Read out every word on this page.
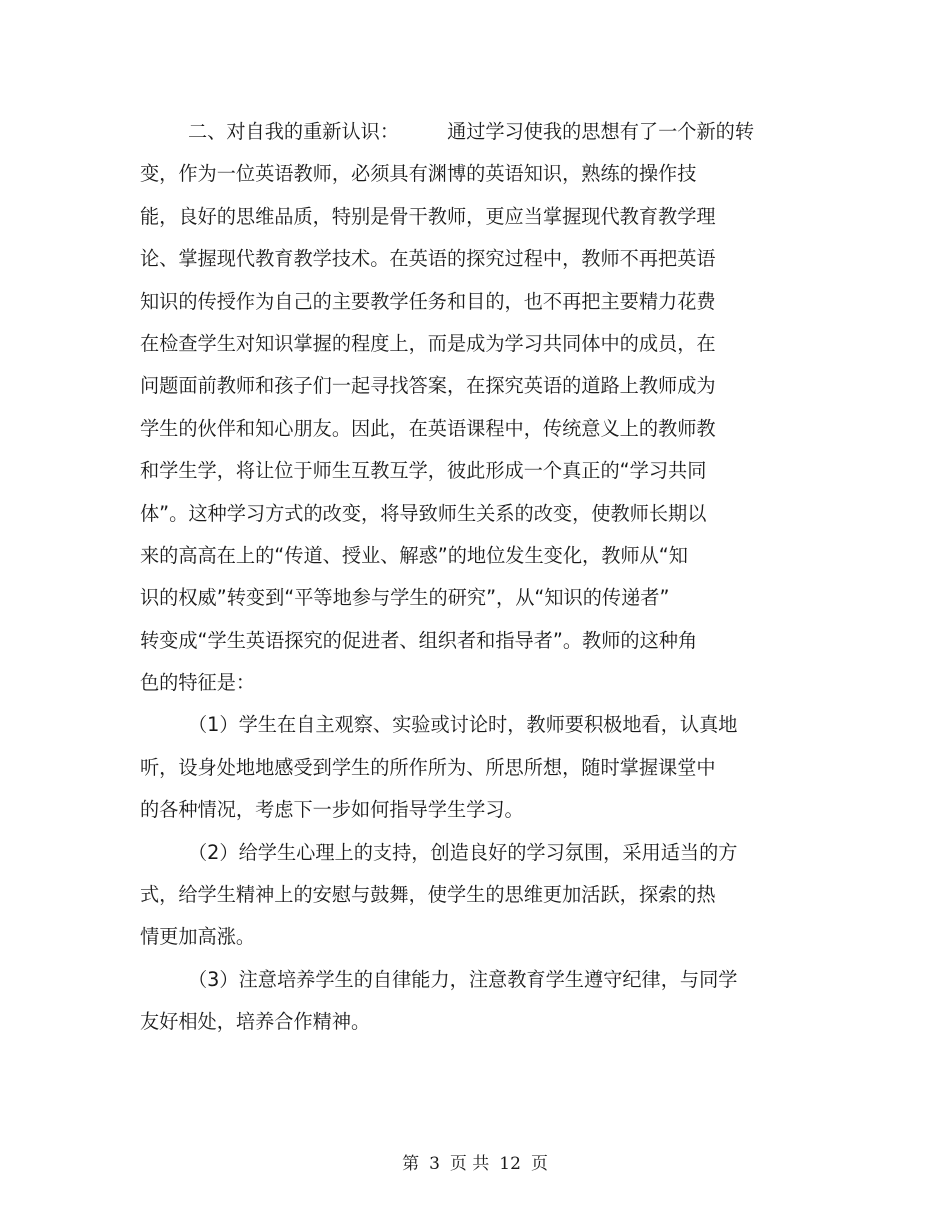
二、对自我的重新认识：	通过学习使我的思想有了一个新的转
变，作为一位英语教师，必须具有渊博的英语知识，熟练的操作技
能，良好的思维品质，特别是骨干教师，更应当掌握现代教育教学理
论、掌握现代教育教学技术。在英语的探究过程中，教师不再把英语
知识的传授作为自己的主要教学任务和目的，也不再把主要精力花费
在检查学生对知识掌握的程度上，而是成为学习共同体中的成员，在
问题面前教师和孩子们一起寻找答案，在探究英语的道路上教师成为
学生的伙伴和知心朋友。因此，在英语课程中，传统意义上的教师教
和学生学，将让位于师生互教互学，彼此形成一个真正的“学习共同
体”。这种学习方式的改变，将导致师生关系的改变，使教师长期以
来的高高在上的“传道、授业、解惑”的地位发生变化，教师从“知
识的权威”转变到“平等地参与学生的研究”，从“知识的传递者”
转变成“学生英语探究的促进者、组织者和指导者”。教师的这种角
色的特征是：
（1）学生在自主观察、实验或讨论时，教师要积极地看，认真地
听，设身处地地感受到学生的所作所为、所思所想，随时掌握课堂中
的各种情况，考虑下一步如何指导学生学习。
（2）给学生心理上的支持，创造良好的学习氛围，采用适当的方
式，给学生精神上的安慰与鼓舞，使学生的思维更加活跃，探索的热
情更加高涨。
（3）注意培养学生的自律能力，注意教育学生遵守纪律，与同学
友好相处，培养合作精神。
第 3 页 共 12 页
